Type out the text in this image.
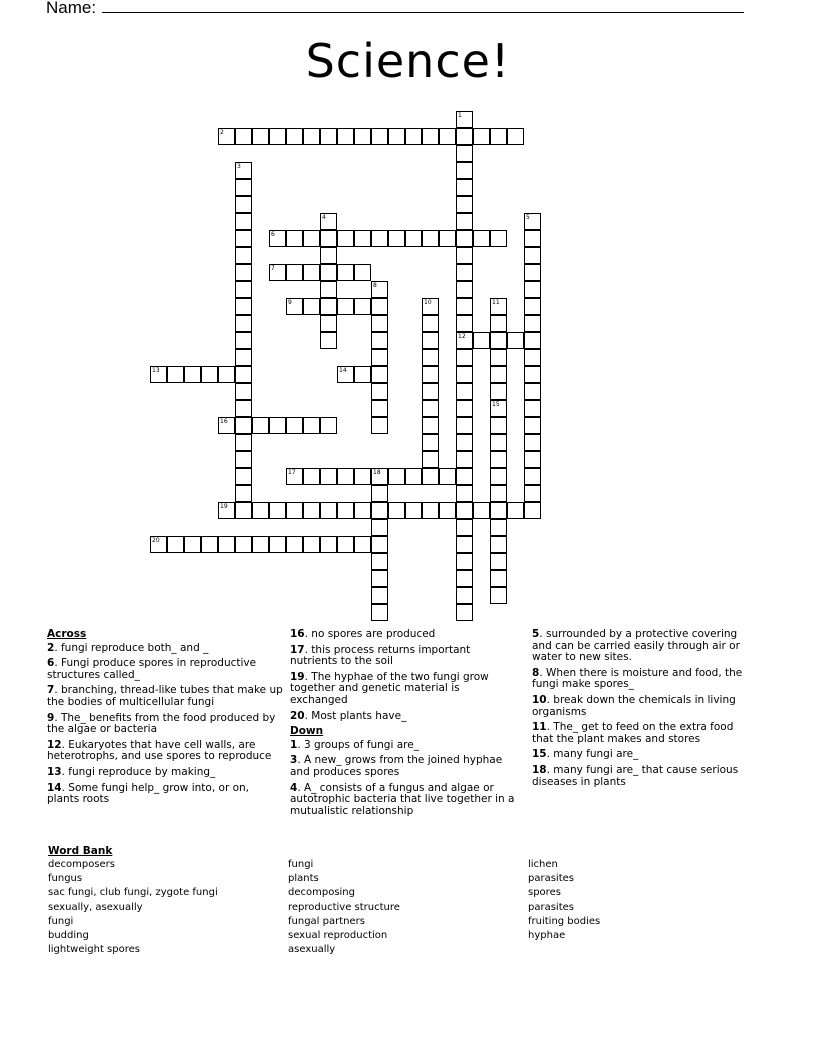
Name:
Science!
2
6
7
9
12
13	14
16
17	18
19
20
1
3
4	5
8
10	11
15
Across
2. fungi reproduce both_ and _
6. Fungi produce spores in reproductive structures called_
7. branching, thread-like tubes that make up the bodies of multicellular fungi
9. The_ benefits from the food produced by the algae or bacteria
12. Eukaryotes that have cell walls, are heterotrophs, and use spores to reproduce
13. fungi reproduce by making_
14. Some fungi help_ grow into, or on, plants roots
16. no spores are produced
17. this process returns important nutrients to the soil
19. The hyphae of the two fungi grow together and genetic material is exchanged
20. Most plants have_
Down
1. 3 groups of fungi are_
3. A new_ grows from the joined hyphae and produces spores
4. A_ consists of a fungus and algae or autotrophic bacteria that live together in a mutualistic relationship
5. surrounded by a protective covering and can be carried easily through air or water to new sites.
8. When there is moisture and food, the fungi make spores_
10. break down the chemicals in living organisms
11. The_ get to feed on the extra food that the plant makes and stores
15. many fungi are_
18. many fungi are_ that cause serious diseases in plants
Word Bank
decomposers
fungus
sac fungi, club fungi, zygote fungi
sexually, asexually
fungi
budding
lightweight spores
fungi
plants
decomposing
reproductive structure
fungal partners
sexual reproduction
asexually
lichen
parasites
spores
parasites
fruiting bodies
hyphae
